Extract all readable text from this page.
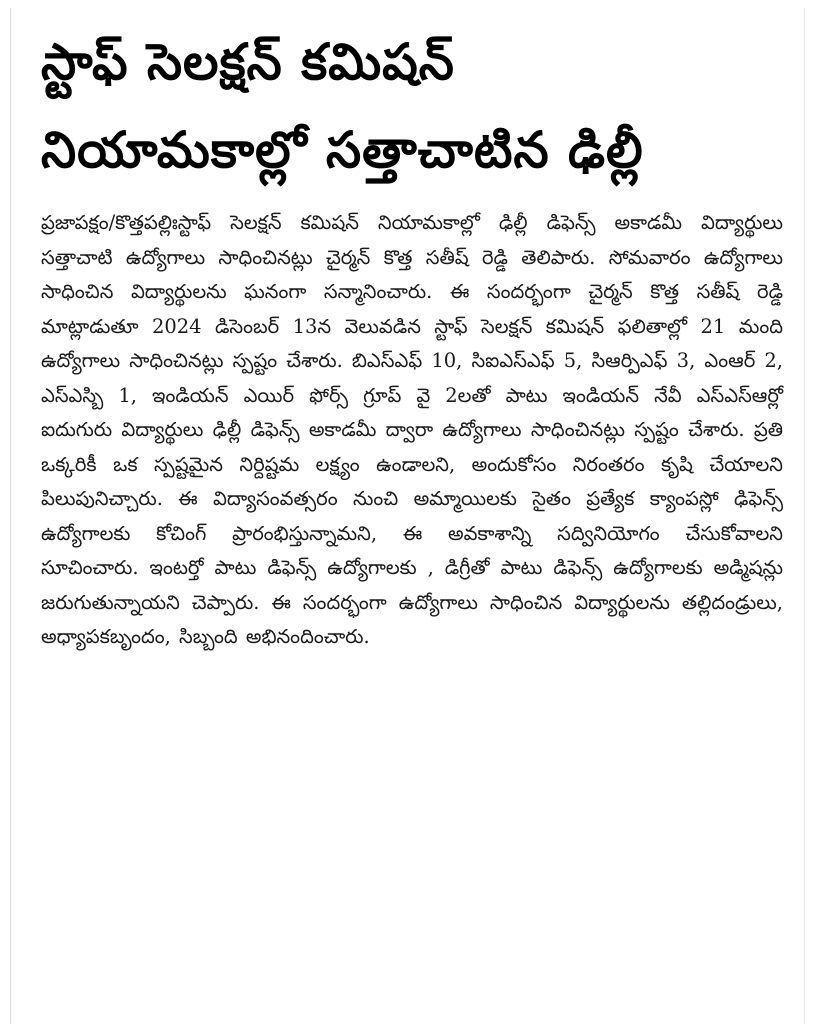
స్టాఫ్ సెలక్షన్ కమిషన్
నియామకాల్లో సత్తాచాటిన ఢిల్లీ

ప్రజాపక్షం/కొత్తపల్లిఃస్టాఫ్ సెలక్షన్ కమిషన్ నియామకాల్లో ఢిల్లీ డిఫెన్స్ అకాడమీ విద్యార్థులు సత్తాచాటి ఉద్యోగాలు సాధించినట్లు చైర్మన్ కొత్త సతీష్ రెడ్డి తెలిపారు. సోమవారం ఉద్యోగాలు సాధించిన విద్యార్థులను ఘనంగా సన్మానించారు. ఈ సందర్భంగా చైర్మన్ కొత్త సతీష్ రెడ్డి మాట్లాడుతూ 2024 డిసెంబర్ 13న వెలువడిన స్టాఫ్ సెలక్షన్ కమిషన్ ఫలితాల్లో 21 మంది ఉద్యోగాలు సాధించినట్లు స్పష్టం చేశారు. బిఎస్ఎఫ్ 10, సిఐఎస్ఎఫ్ 5, సిఆర్పిఎఫ్ 3, ఎంఆర్ 2, ఎస్ఎస్బి 1, ఇండియన్ ఎయిర్ ఫోర్స్ గ్రూప్ వై 2లతో పాటు ఇండియన్ నేవీ ఎస్ఎస్ఆర్లో ఐదుగురు విద్యార్థులు ఢిల్లీ డిఫెన్స్ అకాడమీ ద్వారా ఉద్యోగాలు సాధించినట్లు స్పష్టం చేశారు. ప్రతి ఒక్కరికీ ఒక స్పష్టమైన నిర్దిష్టమ లక్ష్యం ఉండాలని, అందుకోసం నిరంతరం కృషి చేయాలని పిలుపునిచ్చారు. ఈ విద్యాసంవత్సరం నుంచి అమ్మాయిలకు సైతం ప్రత్యేక క్యాంపస్లో ఢిఫెన్స్ ఉద్యోగాలకు కోచింగ్ ప్రారంభిస్తున్నామని, ఈ అవకాశాన్ని సద్వినియోగం చేసుకోవాలని సూచించారు. ఇంటర్తో పాటు డిఫెన్స్ ఉద్యోగాలకు , డిగ్రీతో పాటు డిఫెన్స్ ఉద్యోగాలకు అడ్మిషన్లు జరుగుతున్నాయని చెప్పారు. ఈ సందర్భంగా ఉద్యోగాలు సాధించిన విద్యార్థులను తల్లిదండ్రులు, అధ్యాపకబృందం, సిబ్బంది అభినందించారు.
